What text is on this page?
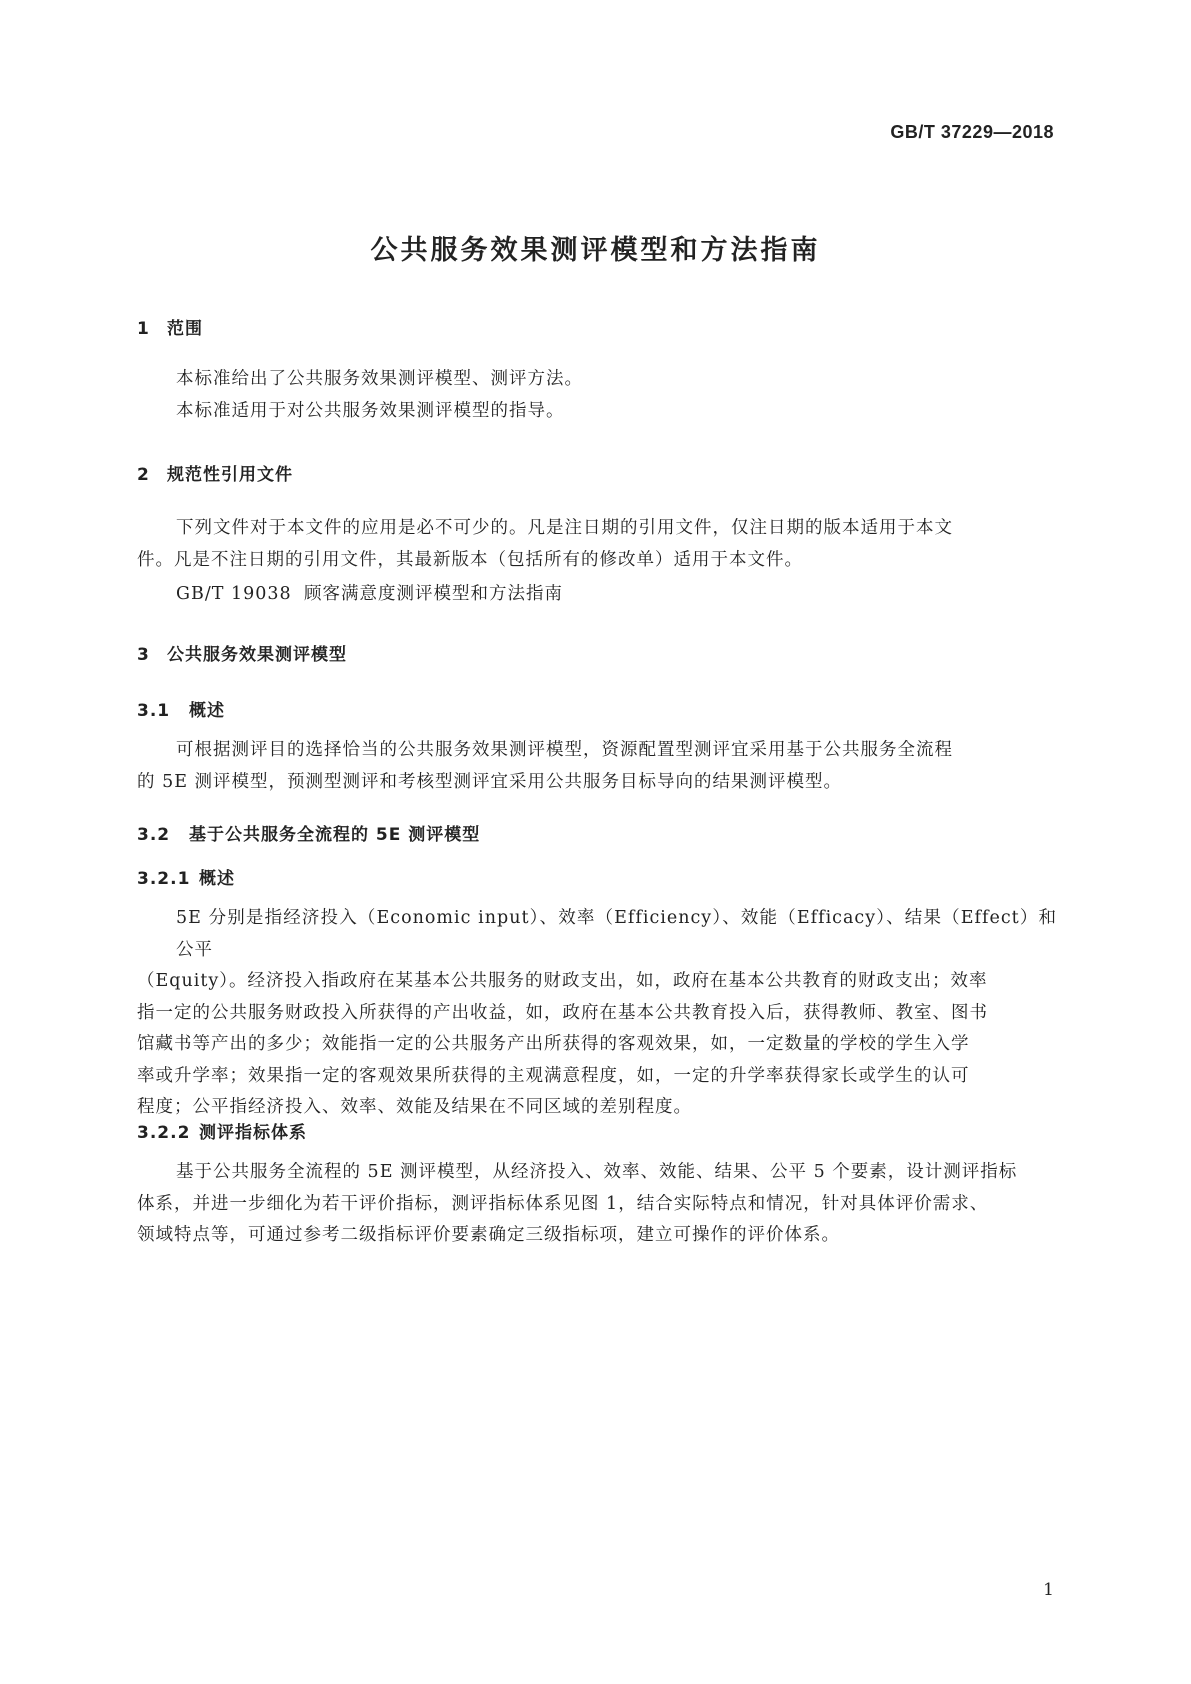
GB/T 37229—2018
公共服务效果测评模型和方法指南
1 范围
本标准给出了公共服务效果测评模型、测评方法。
本标准适用于对公共服务效果测评模型的指导。
2 规范性引用文件
下列文件对于本文件的应用是必不可少的。凡是注日期的引用文件，仅注日期的版本适用于本文
件。凡是不注日期的引用文件，其最新版本（包括所有的修改单）适用于本文件。
GB/T 19038 顾客满意度测评模型和方法指南
3 公共服务效果测评模型
3.1 概述
可根据测评目的选择恰当的公共服务效果测评模型，资源配置型测评宜采用基于公共服务全流程
的 5E 测评模型，预测型测评和考核型测评宜采用公共服务目标导向的结果测评模型。
3.2 基于公共服务全流程的 5E 测评模型
3.2.1 概述
5E 分别是指经济投入（Economic input）、效率（Efficiency）、效能（Efficacy）、结果（Effect）和公平
（Equity）。经济投入指政府在某基本公共服务的财政支出，如，政府在基本公共教育的财政支出；效率
指一定的公共服务财政投入所获得的产出收益，如，政府在基本公共教育投入后，获得教师、教室、图书
馆藏书等产出的多少；效能指一定的公共服务产出所获得的客观效果，如，一定数量的学校的学生入学
率或升学率；效果指一定的客观效果所获得的主观满意程度，如，一定的升学率获得家长或学生的认可
程度；公平指经济投入、效率、效能及结果在不同区域的差别程度。
3.2.2 测评指标体系
基于公共服务全流程的 5E 测评模型，从经济投入、效率、效能、结果、公平 5 个要素，设计测评指标
体系，并进一步细化为若干评价指标，测评指标体系见图 1，结合实际特点和情况，针对具体评价需求、
领域特点等，可通过参考二级指标评价要素确定三级指标项，建立可操作的评价体系。
1
